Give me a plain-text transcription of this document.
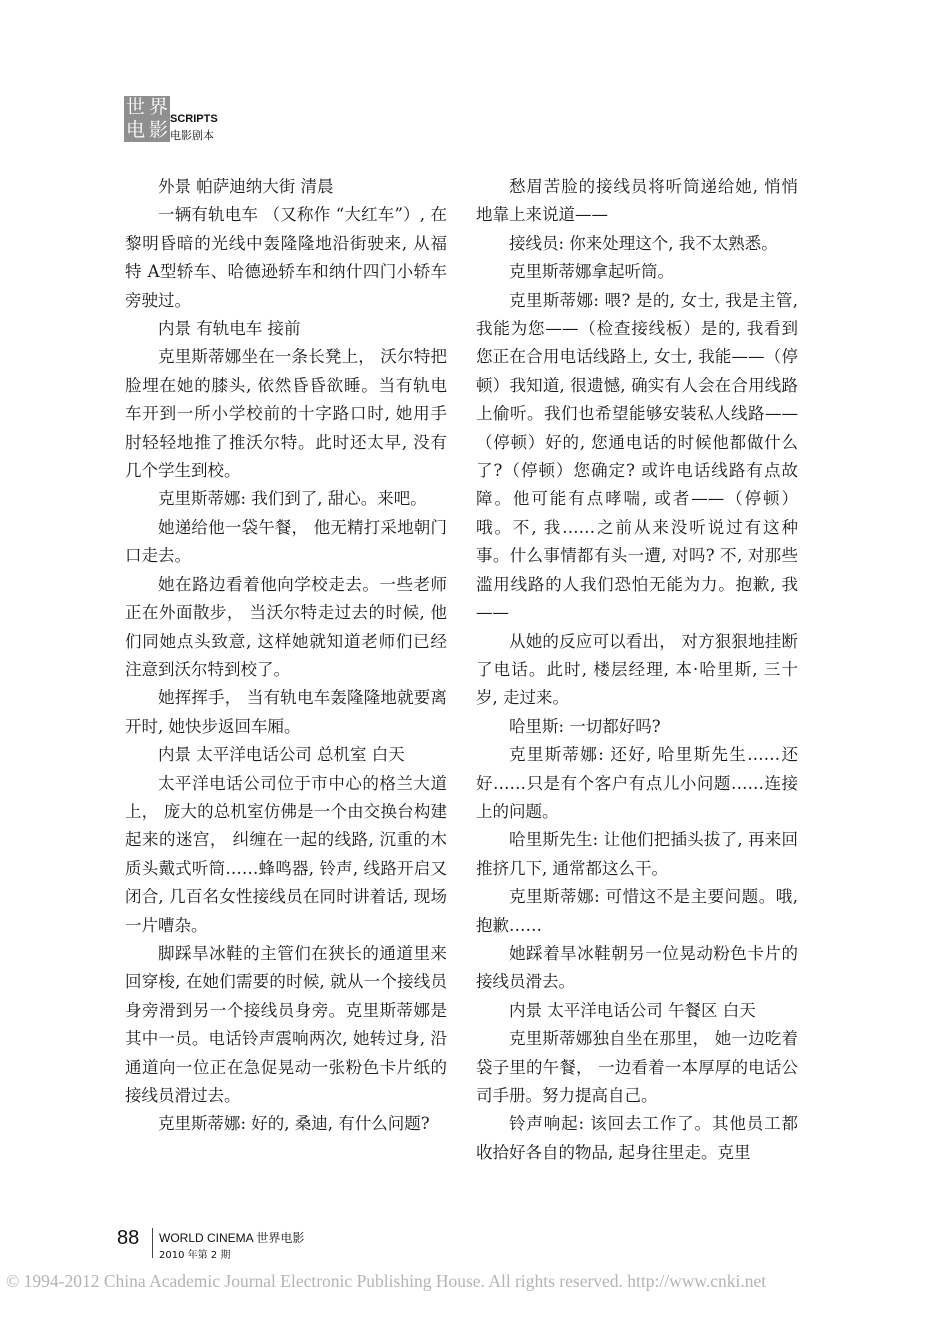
世 界
电 影 SCRIPTS
电影剧本

外景 帕萨迪纳大街 清晨

一辆有轨电车 （又称作 “大红车”）, 在黎明昏暗的光线中轰隆隆地沿街驶来, 从福特 A型轿车、哈德逊轿车和纳什四门小轿车旁驶过。

内景 有轨电车 接前

克里斯蒂娜坐在一条长凳上， 沃尔特把脸埋在她的膝头, 依然昏昏欲睡。当有轨电车开到一所小学校前的十字路口时, 她用手肘轻轻地推了推沃尔特。此时还太早, 没有几个学生到校。

克里斯蒂娜: 我们到了, 甜心。来吧。

她递给他一袋午餐， 他无精打采地朝门口走去。

她在路边看着他向学校走去。一些老师正在外面散步， 当沃尔特走过去的时候, 他们同她点头致意, 这样她就知道老师们已经注意到沃尔特到校了。

她挥挥手， 当有轨电车轰隆隆地就要离开时, 她快步返回车厢。

内景 太平洋电话公司 总机室 白天

太平洋电话公司位于市中心的格兰大道上， 庞大的总机室仿佛是一个由交换台构建起来的迷宫， 纠缠在一起的线路, 沉重的木质头戴式听筒……蜂鸣器, 铃声, 线路开启又闭合, 几百名女性接线员在同时讲着话, 现场一片嘈杂。

脚踩旱冰鞋的主管们在狭长的通道里来回穿梭, 在她们需要的时候, 就从一个接线员身旁滑到另一个接线员身旁。克里斯蒂娜是其中一员。电话铃声震响两次, 她转过身, 沿通道向一位正在急促晃动一张粉色卡片纸的接线员滑过去。

克里斯蒂娜: 好的, 桑迪, 有什么问题?

愁眉苦脸的接线员将听筒递给她, 悄悄地靠上来说道——

接线员: 你来处理这个, 我不太熟悉。

克里斯蒂娜拿起听筒。

克里斯蒂娜: 喂? 是的, 女士, 我是主管, 我能为您——（检查接线板）是的, 我看到您正在合用电话线路上, 女士, 我能——（停顿）我知道, 很遗憾, 确实有人会在合用线路上偷听。我们也希望能够安装私人线路——（停顿）好的, 您通电话的时候他都做什么了?（停顿）您确定? 或许电话线路有点故障。他可能有点哮喘, 或者——（停顿）哦。不, 我……之前从来没听说过有这种事。什么事情都有头一遭, 对吗? 不, 对那些滥用线路的人我们恐怕无能为力。抱歉, 我——

从她的反应可以看出， 对方狠狠地挂断了电话。此时, 楼层经理, 本·哈里斯, 三十岁, 走过来。

哈里斯: 一切都好吗?

克里斯蒂娜: 还好, 哈里斯先生……还好……只是有个客户有点儿小问题……连接上的问题。

哈里斯先生: 让他们把插头拔了, 再来回推挤几下, 通常都这么干。

克里斯蒂娜: 可惜这不是主要问题。哦, 抱歉……

她踩着旱冰鞋朝另一位晃动粉色卡片的接线员滑去。

内景 太平洋电话公司 午餐区 白天

克里斯蒂娜独自坐在那里， 她一边吃着袋子里的午餐， 一边看着一本厚厚的电话公司手册。努力提高自己。

铃声响起: 该回去工作了。其他员工都收拾好各自的物品, 起身往里走。克里

88 WORLD CINEMA 世界电影
2010 年第 2 期
© 1994-2012 China Academic Journal Electronic Publishing House. All rights reserved. http://www.cnki.net
